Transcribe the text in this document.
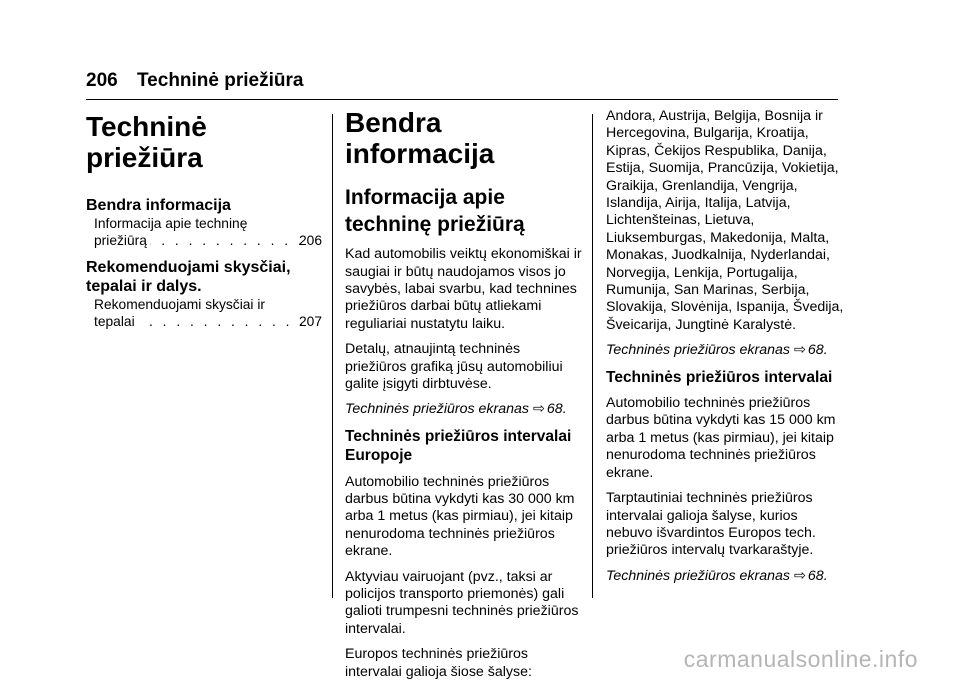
206 Techninė priežiūra
Techninė priežiūra
Bendra informacija
Informacija apie techninę
priežiūrą . . .	206
Rekomenduojami skysčiai, tepalai ir dalys.
Rekomenduojami skysčiai ir
tepalai . . .	207
Bendra informacija
Informacija apie techninę priežiūrą

Kad automobilis veiktų ekonomiškai ir saugiai ir būtų naudojamos visos jo savybės, labai svarbu, kad technines priežiūros darbai būtų atliekami reguliariai nustatytu laiku.

Detalų, atnaujintą techninės priežiūros grafiką jūsų automobiliui galite įsigyti dirbtuvėse.

Techninės priežiūros ekranas ⇨ 68.

Techninės priežiūros intervalai Europoje

Automobilio techninės priežiūros darbus būtina vykdyti kas 30 000 km arba 1 metus (kas pirmiau), jei kitaip nenurodoma techninės priežiūros ekrane.

Aktyviau vairuojant (pvz., taksi ar policijos transporto priemonės) gali galioti trumpesni techninės priežiūros intervalai.

Europos techninės priežiūros intervalai galioja šiose šalyse:

Andora, Austrija, Belgija, Bosnija ir Hercegovina, Bulgarija, Kroatija, Kipras, Čekijos Respublika, Danija, Estija, Suomija, Prancūzija, Vokietija, Graikija, Grenlandija, Vengrija, Islandija, Airija, Italija, Latvija, Lichtenšteinas, Lietuva, Liuksemburgas, Makedonija, Malta, Monakas, Juodkalnija, Nyderlandai, Norvegija, Lenkija, Portugalija, Rumunija, San Marinas, Serbija, Slovakija, Slovėnija, Ispanija, Švedija, Šveicarija, Jungtinė Karalystė.

Techninės priežiūros ekranas ⇨ 68.

Techninės priežiūros intervalai

Automobilio techninės priežiūros darbus būtina vykdyti kas 15 000 km arba 1 metus (kas pirmiau), jei kitaip nenurodoma techninės priežiūros ekrane.

Tarptautiniai techninės priežiūros intervalai galioja šalyse, kurios nebuvo išvardintos Europos tech. priežiūros intervalų tvarkaraštyje.

Techninės priežiūros ekranas ⇨ 68.

carmanualsonline.info
